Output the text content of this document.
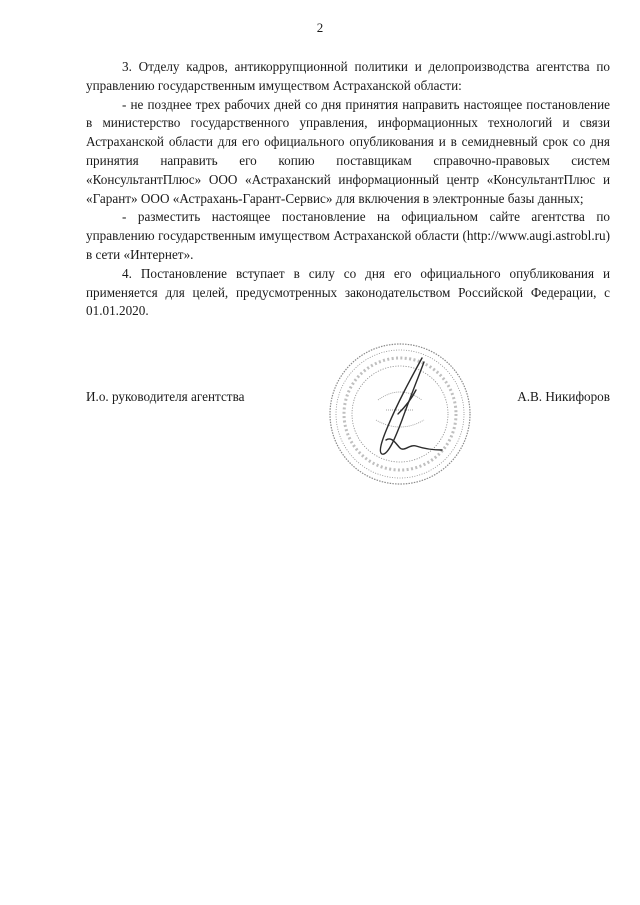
2

3. Отделу кадров, антикоррупционной политики и делопроизводства агентства по управлению государственным имуществом Астраханской области:

- не позднее трех рабочих дней со дня принятия направить настоящее постановление в министерство государственного управления, информационных технологий и связи Астраханской области для его официального опубликования и в семидневный срок со дня принятия направить его копию поставщикам справочно-правовых систем «КонсультантПлюс» ООО «Астраханский информационный центр «КонсультантПлюс и «Гарант» ООО «Астрахань-Гарант-Сервис» для включения в электронные базы данных;

- разместить настоящее постановление на официальном сайте агентства по управлению государственным имуществом Астраханской области (http://www.augi.astrobl.ru) в сети «Интернет».

4. Постановление вступает в силу со дня его официального опубликования и применяется для целей, предусмотренных законодательством Российской Федерации, с 01.01.2020.

И.о. руководителя агентства	А.В. Никифоров
